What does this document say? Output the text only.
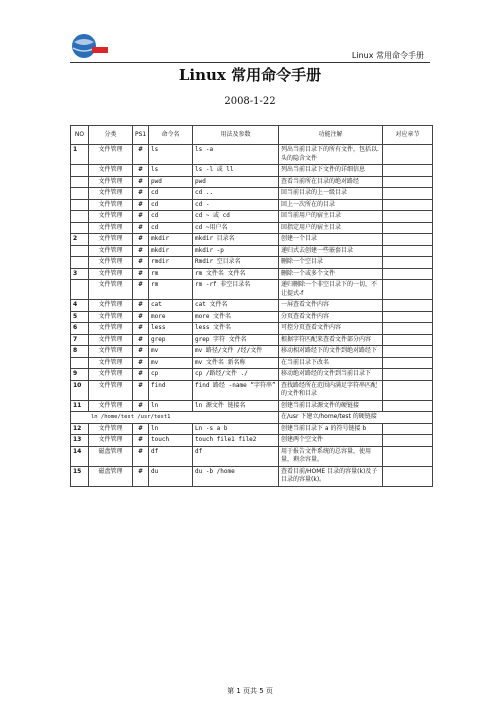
Linux 常用命令手册
Linux 常用命令手册
2008-1-22
NO	分类	PS1	命令名	用法及参数	功能注解	对应章节
1	文件管理	#	ls	ls -a	列出当前目录下的所有文件，包括以.头的隐含文件	
	文件管理	#	ls	ls -l 或 ll	列出当前目录下文件的详细信息	
	文件管理	#	pwd	pwd	查看当前所在目录的绝对路经	
	文件管理	#	cd	cd ..	回当前目录的上一级目录	
	文件管理	#	cd	cd -	回上一次所在的目录	
	文件管理	#	cd	cd ~ 或 cd	回当前用户的宿主目录	
	文件管理	#	cd	cd ~用户名	回指定用户的宿主目录	
2	文件管理	#	mkdir	mkdir 目录名	创建一个目录	
	文件管理	#	mkdir	mkdir -p	递归式去创建一些嵌套目录	
	文件管理	#	rmdir	Rmdir 空目录名	删除一个空目录	
3	文件管理	#	rm	rm 文件名 文件名	删除一个或多个文件	
	文件管理	#	rm	rm -rf 非空目录名	递归删除一个非空目录下的一切，不让提式-f	
4	文件管理	#	cat	cat 文件名	一屏查看文件内容	
5	文件管理	#	more	more 文件名	分页查看文件内容	
6	文件管理	#	less	less 文件名	可控分页查看文件内容	
7	文件管理	#	grep	grep 字符 文件名	根据字符匹配来查看文件部分内容	
8	文件管理	#	mv	mv 路径/文件 /经/文件	移动相对路经下的文件到绝对路经下	
	文件管理	#	mv	mv 文件名 新名称	在当前目录下改名	
9	文件管理	#	cp	cp /路经/文件 ./	移动绝对路经的文件到当前目录下	
10	文件管理	#	find	find 路经 -name “字符串”	查找路经所在范围内满足字符串匹配的文件和目录	
11	文件管理	#	ln	ln 源文件 链接名	创建当前目录源文件的硬链接	
ln /home/test /usr/test1					在/usr 下建立/home/test 的硬链接	
12	文件管理	#	ln	Ln -s a b	创建当前目录下 a 的符号链接 b	
13	文件管理	#	touch	touch file1 file2	创建两个空文件	
14	磁盘管理	#	df	df	用于报告文件系统的总容量，使用量，剩余容量。	
15	磁盘管理	#	du	du -b /home	查看目前/HOME 目录的容量(k)及子目录的容量(k)。	
第 1 页共 5 页
